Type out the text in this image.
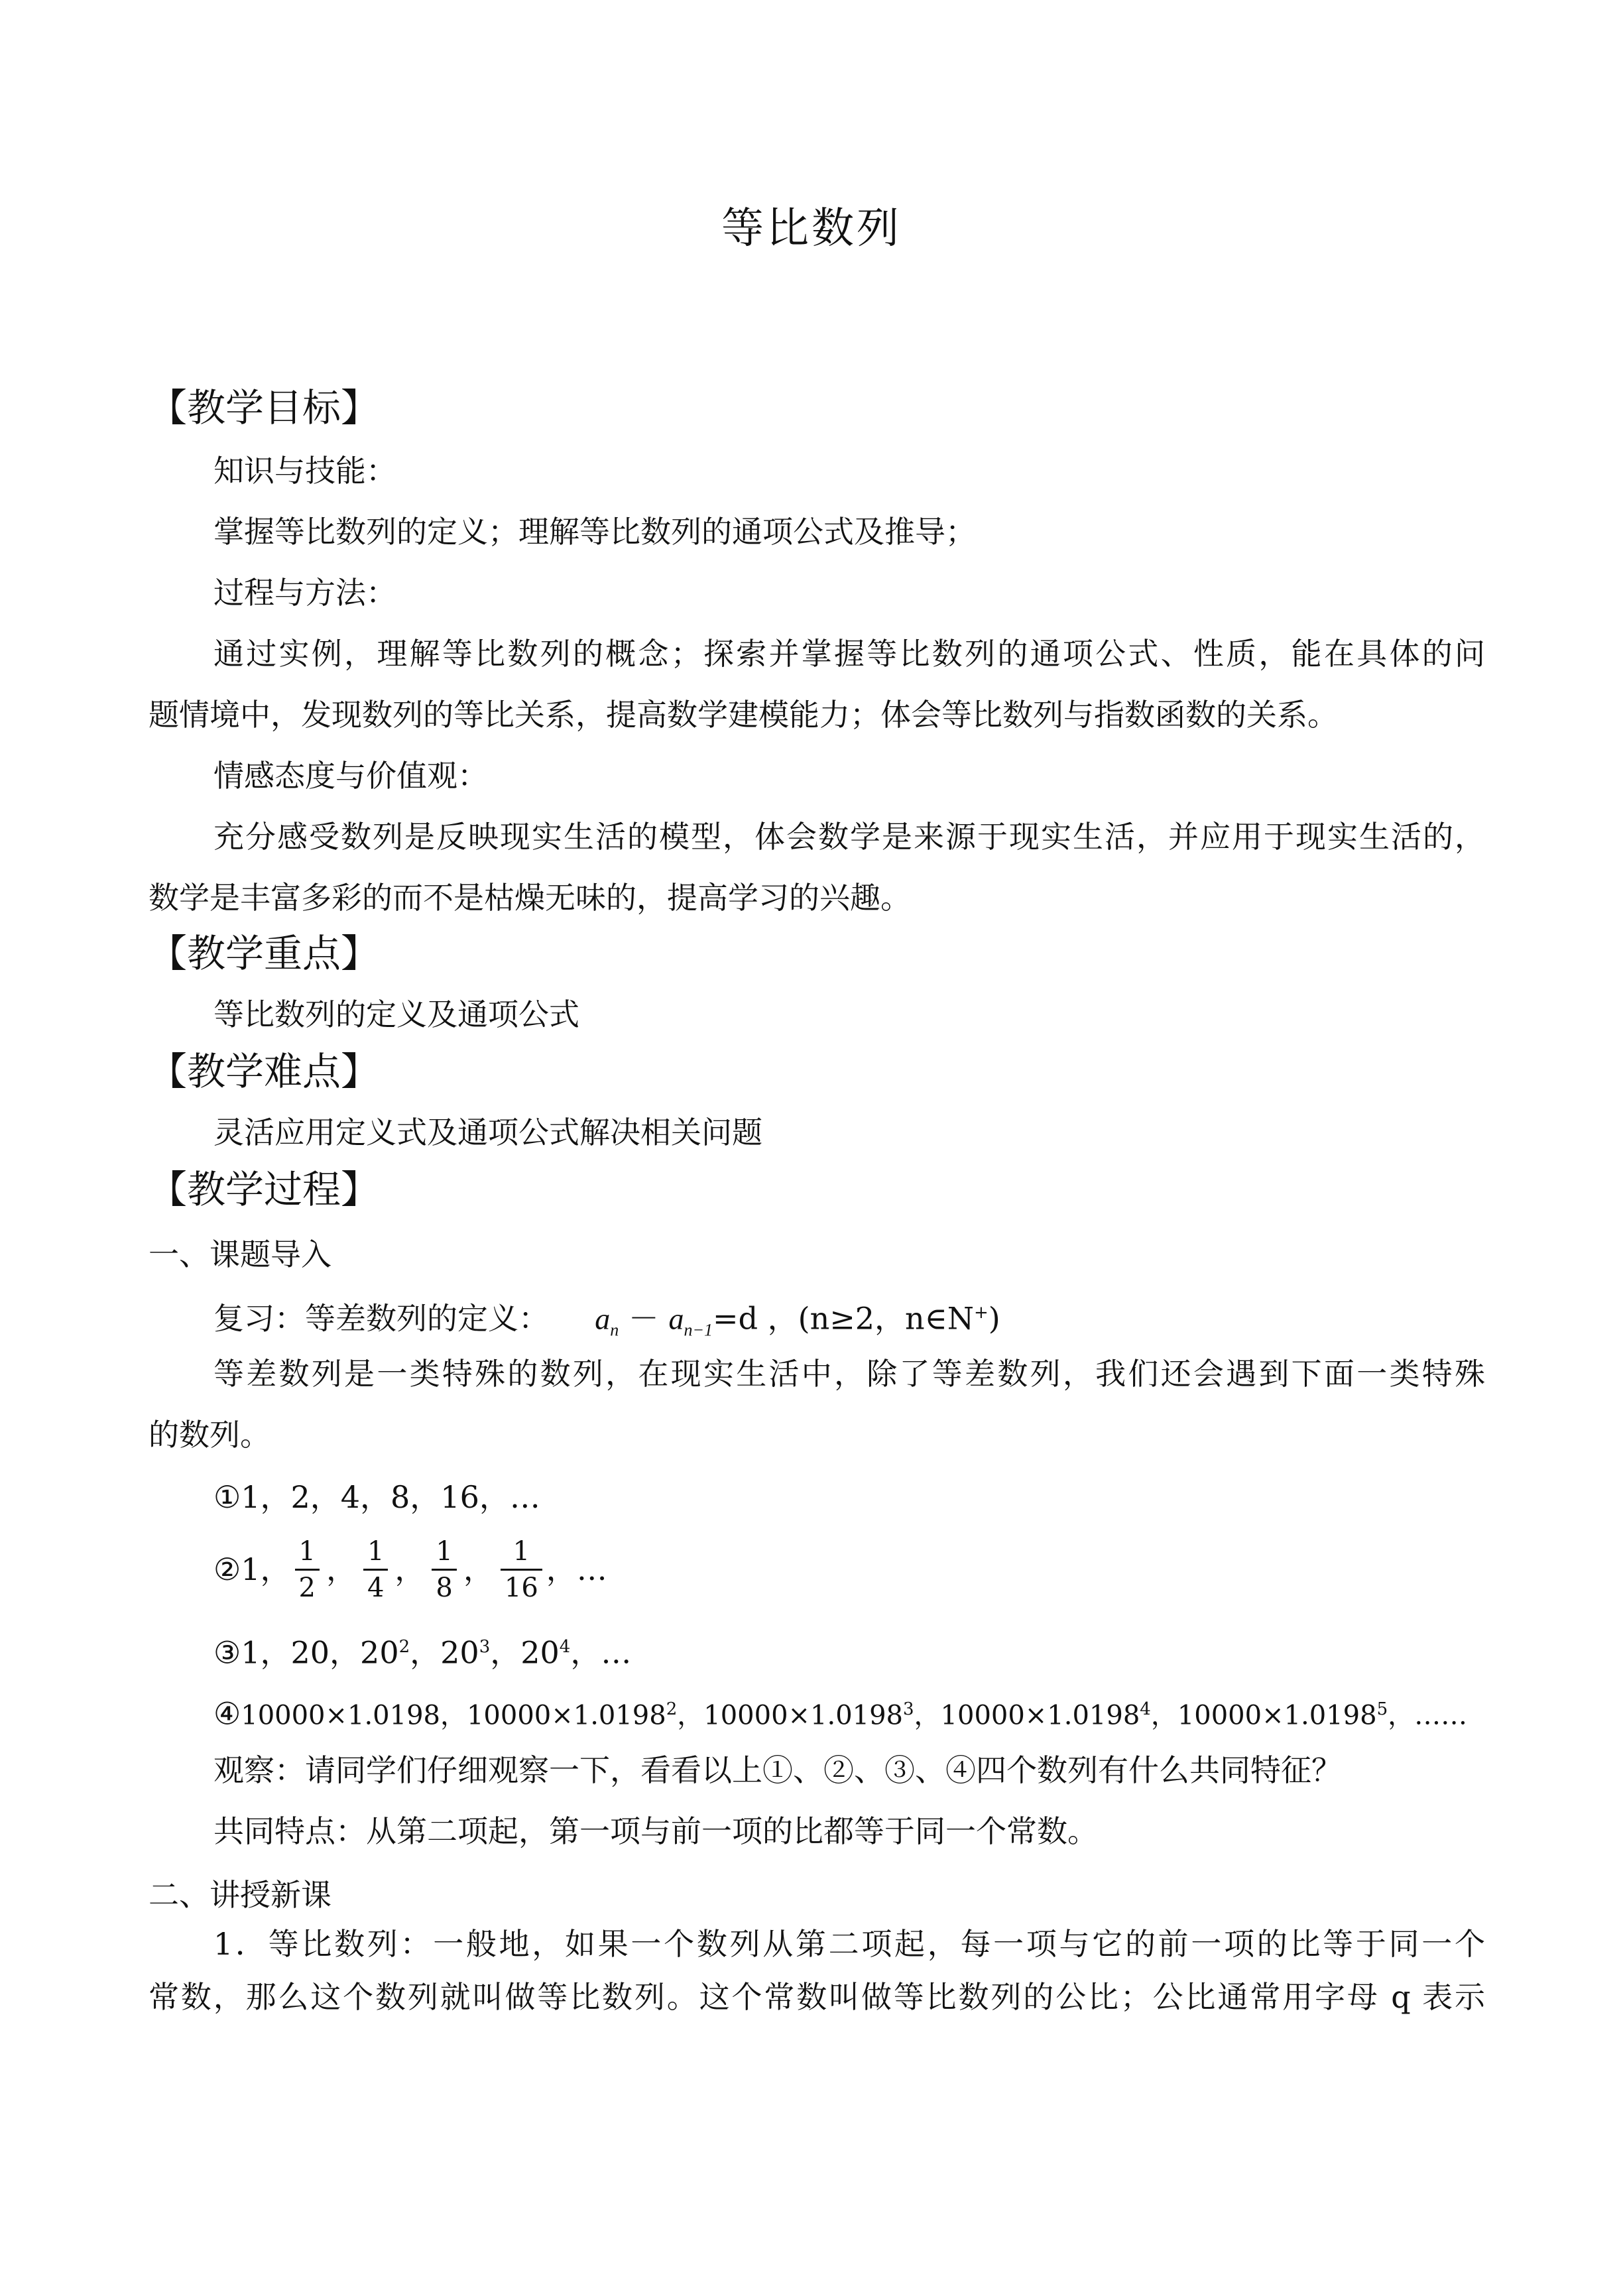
等比数列
【教学目标】
知识与技能：
掌握等比数列的定义；理解等比数列的通项公式及推导；
过程与方法：
通过实例，理解等比数列的概念；探索并掌握等比数列的通项公式、性质，能在具体的问
题情境中，发现数列的等比关系，提高数学建模能力；体会等比数列与指数函数的关系。
情感态度与价值观：
充分感受数列是反映现实生活的模型，体会数学是来源于现实生活，并应用于现实生活的，
数学是丰富多彩的而不是枯燥无味的，提高学习的兴趣。
【教学重点】
等比数列的定义及通项公式
【教学难点】
灵活应用定义式及通项公式解决相关问题
【教学过程】
一、课题导入
复习：等差数列的定义： $a_n - a_{n-1}=d$ ，(n≥2，n∈N+)
等差数列是一类特殊的数列，在现实生活中，除了等差数列，我们还会遇到下面一类特殊
的数列。
①1，2，4，8，16，…
②1， $\frac{1}{2}$ ， $\frac{1}{4}$ ， $\frac{1}{8}$ ， $\frac{1}{16}$ ，…
③1，20，$20^2$，$20^3$，$20^4$，…
④10000×1.0198，$10000\times 1.0198^2$，$10000\times 1.0198^3$，$10000\times 1.0198^4$，$10000\times 1.0198^5$，……
观察：请同学们仔细观察一下，看看以上①、②、③、④四个数列有什么共同特征？
共同特点：从第二项起，第一项与前一项的比都等于同一个常数。
二、讲授新课
1．等比数列：一般地，如果一个数列从第二项起，每一项与它的前一项的比等于同一个
常数，那么这个数列就叫做等比数列。这个常数叫做等比数列的公比；公比通常用字母 q 表示
